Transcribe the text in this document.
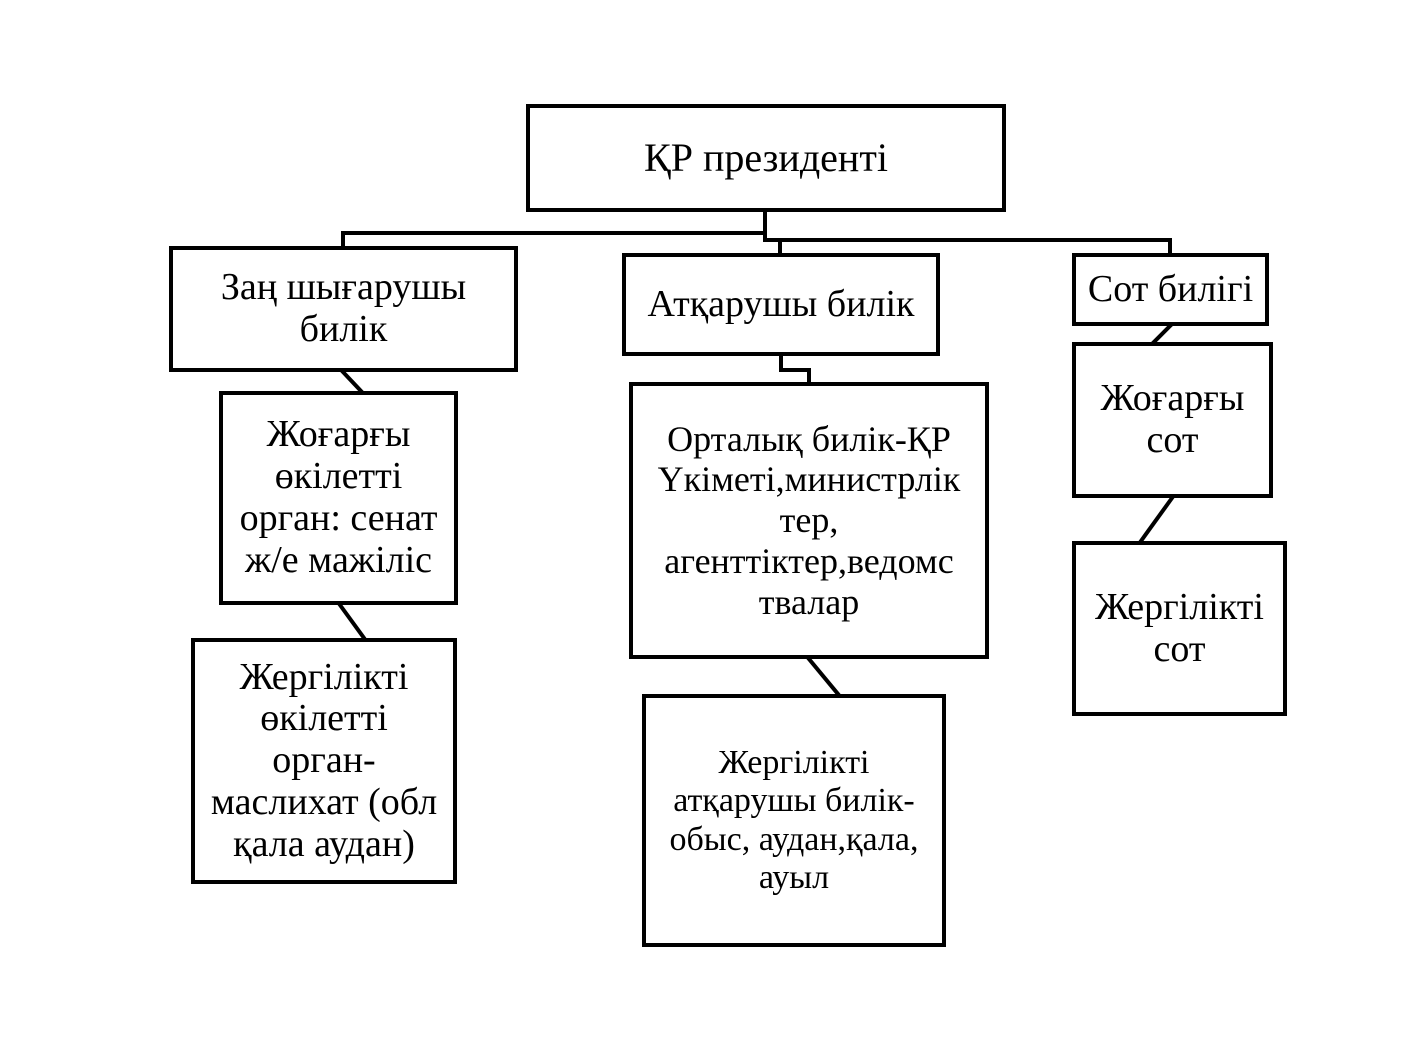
ҚР президенті
Заң шығарушы
билік
Атқарушы билік	Сот билігі
Жоғарғы
өкілетті
орган: сенат
ж/е мажіліс
Жергілікті
өкілетті
орган-
маслихат (обл
қала аудан)
Орталық билік-ҚР
Үкіметі,министрлік
тер,
агенттіктер,ведомс
твалар
Жергілікті
атқарушы билік-
обыс, аудан,қала,
ауыл
Жоғарғы
сот
Жергілікті
сот
